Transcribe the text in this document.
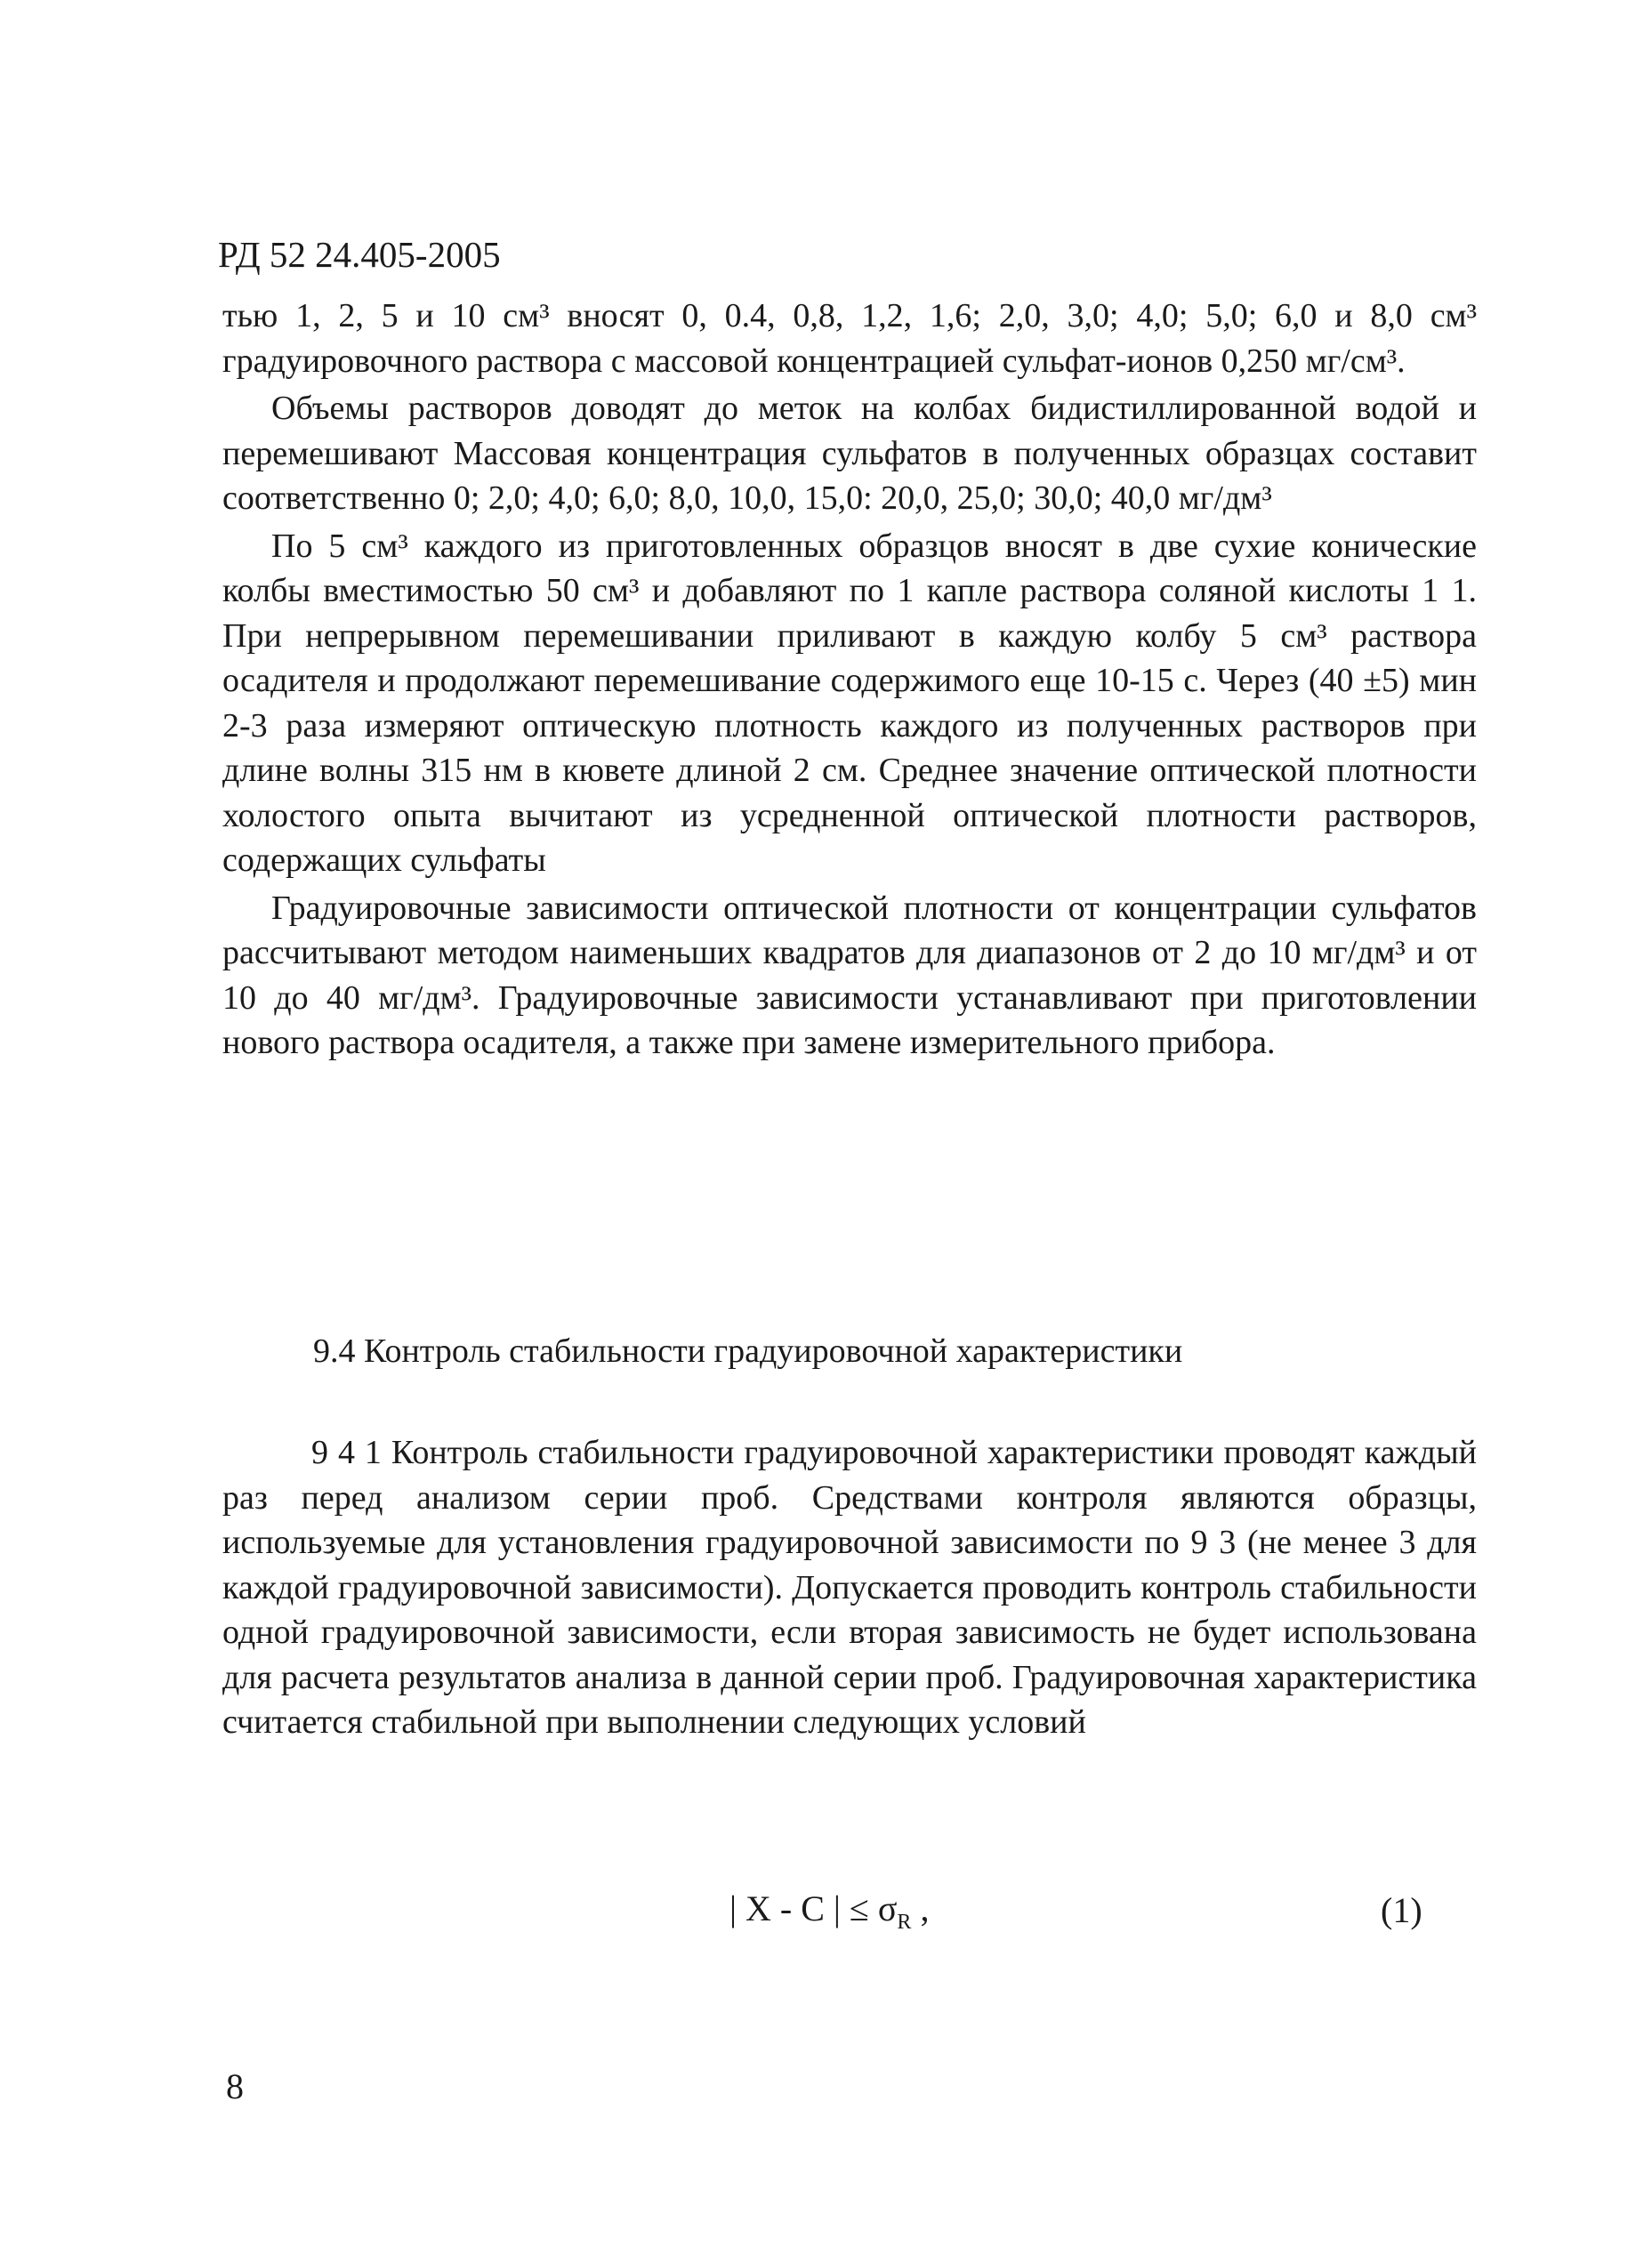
РД 52 24.405-2005

тью 1, 2, 5 и 10 см³ вносят 0, 0.4, 0,8, 1,2, 1,6; 2,0, 3,0; 4,0; 5,0; 6,0 и 8,0 см³ градуировочного раствора с массовой концентрацией сульфат-ионов 0,250 мг/см³.

Объемы растворов доводят до меток на колбах бидистиллированной водой и перемешивают Массовая концентрация сульфатов в полученных образцах составит соответственно 0; 2,0; 4,0; 6,0; 8,0, 10,0, 15,0: 20,0, 25,0; 30,0; 40,0 мг/дм³

По 5 см³ каждого из приготовленных образцов вносят в две сухие конические колбы вместимостью 50 см³ и добавляют по 1 капле раствора соляной кислоты 1 1. При непрерывном перемешивании приливают в каждую колбу 5 см³ раствора осадителя и продолжают перемешивание содержимого еще 10-15 с. Через (40 ±5) мин 2-3 раза измеряют оптическую плотность каждого из полученных растворов при длине волны 315 нм в кювете длиной 2 см. Среднее значение оптической плотности холостого опыта вычитают из усредненной оптической плотности растворов, содержащих сульфаты

Градуировочные зависимости оптической плотности от концентрации сульфатов рассчитывают методом наименьших квадратов для диапазонов от 2 до 10 мг/дм³ и от 10 до 40 мг/дм³. Градуировочные зависимости устанавливают при приготовлении нового раствора осадителя, а также при замене измерительного прибора.

9.4 Контроль стабильности градуировочной характеристики

9 4 1 Контроль стабильности градуировочной характеристики проводят каждый раз перед анализом серии проб. Средствами контроля являются образцы, используемые для установления градуировочной зависимости по 9 3 (не менее 3 для каждой градуировочной зависимости). Допускается проводить контроль стабильности одной градуировочной зависимости, если вторая зависимость не будет использована для расчета результатов анализа в данной серии проб. Градуировочная характеристика считается стабильной при выполнении следующих условий

| X - C | ≤ $\sigma_R$ ,	(1)
8
